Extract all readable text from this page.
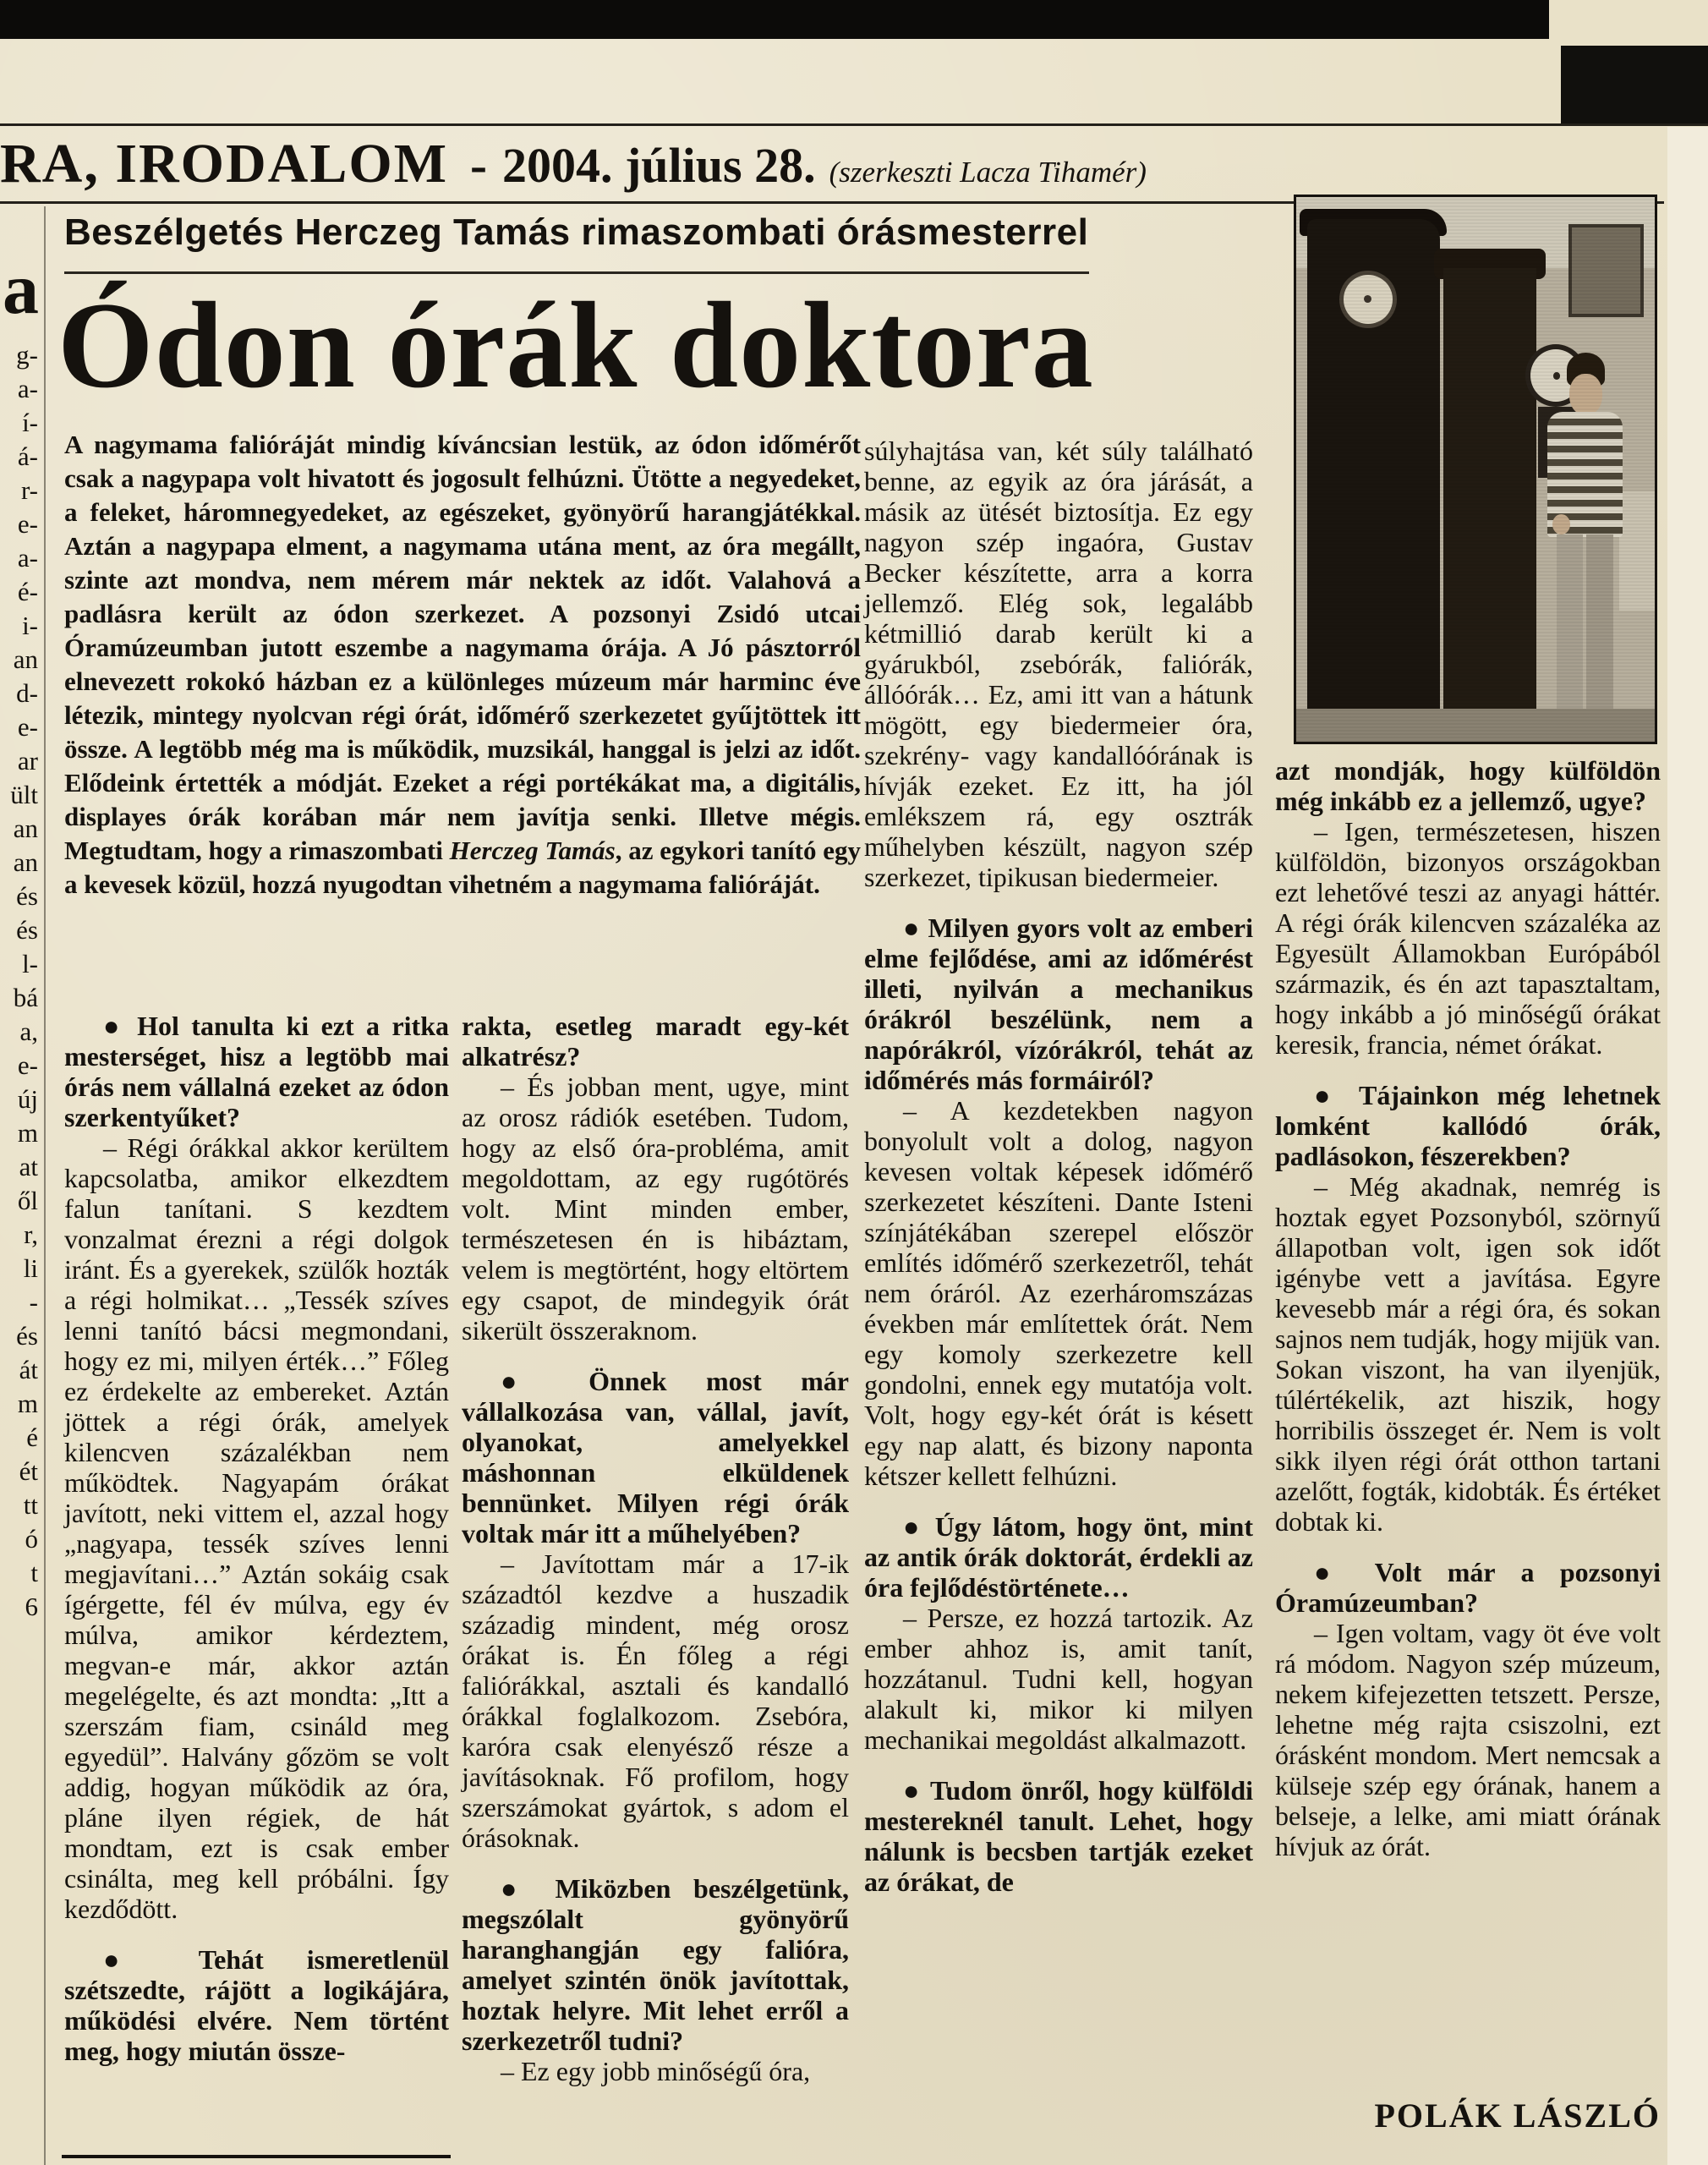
RA, IRODALOM - 2004. július 28. (szerkeszti Lacza Tihamér)
a
g-
a-
í-
á-
r-
e-
a-
é-
i-
an
d-
e-
ar
ült
an
an
és
és
l-
bá
a,
e-
új
m
at
ől
r,
li
-
és
át
m
é
ét
tt
ó
t
6
Beszélgetés Herczeg Tamás rimaszombati órásmesterrel
Ódon órák doktora
A nagymama falióráját mindig kíváncsian lestük, az ódon időmérőt csak a nagypapa volt hivatott és jogosult felhúzni. Ütötte a negyedeket, a feleket, háromnegyedeket, az egészeket, gyönyörű harangjátékkal. Aztán a nagypapa elment, a nagymama utána ment, az óra megállt, szinte azt mondva, nem mérem már nektek az időt. Valahová a padlásra került az ódon szerkezet. A pozsonyi Zsidó utcai Óramúzeumban jutott eszembe a nagymama órája. A Jó pásztorról elnevezett rokokó házban ez a különleges múzeum már harminc éve létezik, mintegy nyolcvan régi órát, időmérő szerkezetet gyűjtöttek itt össze. A legtöbb még ma is működik, muzsikál, hanggal is jelzi az időt. Elődeink értették a módját. Ezeket a régi portékákat ma, a digitális, displayes órák korában már nem javítja senki. Illetve mégis. Megtudtam, hogy a rimaszombati Herczeg Tamás, az egykori tanító egy a kevesek közül, hozzá nyugodtan vihetném a nagymama falióráját.

● Hol tanulta ki ezt a ritka mesterséget, hisz a legtöbb mai órás nem vállalná ezeket az ódon szerkentyűket?

– Régi órákkal akkor kerültem kapcsolatba, amikor elkezdtem falun tanítani. S kezdtem vonzalmat érezni a régi dolgok iránt. És a gyerekek, szülők hozták a régi holmikat… „Tessék szíves lenni tanító bácsi megmondani, hogy ez mi, milyen érték…” Főleg ez érdekelte az embereket. Aztán jöttek a régi órák, amelyek kilencven százalékban nem működtek. Nagyapám órákat javított, neki vittem el, azzal hogy „nagyapa, tessék szíves lenni megjavítani…” Aztán sokáig csak ígérgette, fél év múlva, egy év múlva, amikor kérdeztem, megvan-e már, akkor aztán megelégelte, és azt mondta: „Itt a szerszám fiam, csináld meg egyedül”. Halvány gőzöm se volt addig, hogyan működik az óra, pláne ilyen régiek, de hát mondtam, ezt is csak ember csinálta, meg kell próbálni. Így kezdődött.

● Tehát ismeretlenül szétszedte, rájött a logikájára, működési elvére. Nem történt meg, hogy miután össze-

rakta, esetleg maradt egy-két alkatrész?

– És jobban ment, ugye, mint az orosz rádiók esetében. Tudom, hogy az első óra-probléma, amit megoldottam, az egy rugótörés volt. Mint minden ember, természetesen én is hibáztam, velem is megtörtént, hogy eltörtem egy csapot, de mindegyik órát sikerült összeraknom.

● Önnek most már vállalkozása van, vállal, javít, olyanokat, amelyekkel máshonnan elküldenek bennünket. Milyen régi órák voltak már itt a műhelyében?

– Javítottam már a 17-ik századtól kezdve a huszadik századig mindent, még orosz órákat is. Én főleg a régi faliórákkal, asztali és kandalló órákkal foglalkozom. Zsebóra, karóra csak elenyésző része a javításoknak. Fő profilom, hogy szerszámokat gyártok, s adom el órásoknak.

● Miközben beszélgetünk, megszólalt gyönyörű haranghangján egy falióra, amelyet szintén önök javítottak, hoztak helyre. Mit lehet erről a szerkezetről tudni?

– Ez egy jobb minőségű óra,

súlyhajtása van, két súly található benne, az egyik az óra járását, a másik az ütését biztosítja. Ez egy nagyon szép ingaóra, Gustav Becker készítette, arra a korra jellemző. Elég sok, legalább kétmillió darab került ki a gyárukból, zsebórák, faliórák, állóórák… Ez, ami itt van a hátunk mögött, egy biedermeier óra, szekrény- vagy kandallóórának is hívják ezeket. Ez itt, ha jól emlékszem rá, egy osztrák műhelyben készült, nagyon szép szerkezet, tipikusan biedermeier.

● Milyen gyors volt az emberi elme fejlődése, ami az időmérést illeti, nyilván a mechanikus órákról beszélünk, nem a napórákról, vízórákról, tehát az időmérés más formáiról?

– A kezdetekben nagyon bonyolult volt a dolog, nagyon kevesen voltak képesek időmérő szerkezetet készíteni. Dante Isteni színjátékában szerepel először említés időmérő szerkezetről, tehát nem óráról. Az ezerháromszázas években már említettek órát. Nem egy komoly szerkezetre kell gondolni, ennek egy mutatója volt. Volt, hogy egy-két órát is késett egy nap alatt, és bizony naponta kétszer kellett felhúzni.

● Úgy látom, hogy önt, mint az antik órák doktorát, érdekli az óra fejlődéstörténete…

– Persze, ez hozzá tartozik. Az ember ahhoz is, amit tanít, hozzátanul. Tudni kell, hogyan alakult ki, mikor ki milyen mechanikai megoldást alkalmazott.

● Tudom önről, hogy külföldi mestereknél tanult. Lehet, hogy nálunk is becsben tartják ezeket az órákat, de

azt mondják, hogy külföldön még inkább ez a jellemző, ugye?

– Igen, természetesen, hiszen külföldön, bizonyos országokban ezt lehetővé teszi az anyagi háttér. A régi órák kilencven százaléka az Egyesült Államokban Európából származik, és én azt tapasztaltam, hogy inkább a jó minőségű órákat keresik, francia, német órákat.

● Tájainkon még lehetnek lomként kallódó órák, padlásokon, fészerekben?

– Még akadnak, nemrég is hoztak egyet Pozsonyból, szörnyű állapotban volt, igen sok időt igénybe vett a javítása. Egyre kevesebb már a régi óra, és sokan sajnos nem tudják, hogy mijük van. Sokan viszont, ha van ilyenjük, túlértékelik, azt hiszik, hogy horribilis összeget ér. Nem is volt sikk ilyen régi órát otthon tartani azelőtt, fogták, kidobták. És értéket dobtak ki.

● Volt már a pozsonyi Óramúzeumban?

– Igen voltam, vagy öt éve volt rá módom. Nagyon szép múzeum, nekem kifejezetten tetszett. Persze, lehetne még rajta csiszolni, ezt órásként mondom. Mert nemcsak a külseje szép egy órának, hanem a belseje, a lelke, ami miatt órának hívjuk az órát.

POLÁK LÁSZLÓ
